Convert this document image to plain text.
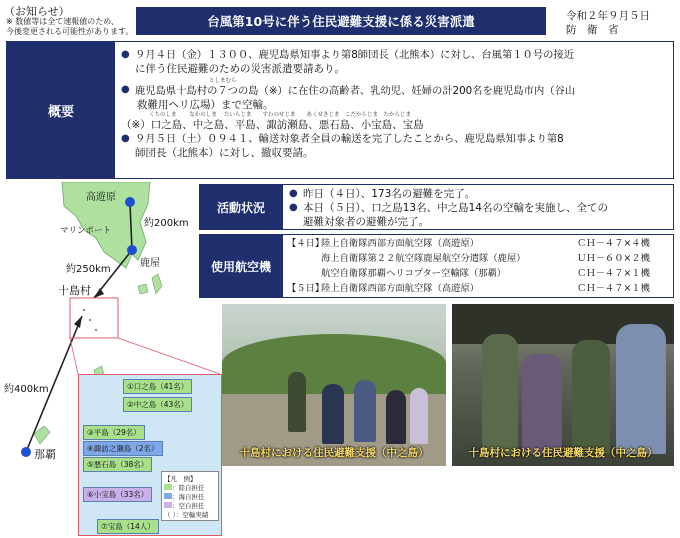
（お知らせ）
※ 数値等は全て速報値のため、
今後変更される可能性があります。
台風第10号に伴う住民避難支援に係る災害派遣	令和２年９月５日
防　衛　省
概要
● ９月４日（金）１３００、鹿児島県知事より第8師団長（北熊本）に対し、台風第１０号の接近
に伴う住民避難のための災害派遣要請あり。
●
としまむら
鹿児島県十島村の７つの島（※）に在住の高齢者、乳幼児、妊婦の計200名を鹿児島市内（谷山
救難用ヘリ広場）まで空輸。
くちのしま　　 なかのしま　 たいらじま　　すわのせじま　　あくせきじま　こだからじま　たからじま
（※）口之島、中之島、平島、諏訪瀬島、悪石島、小宝島、宝島
● ９月５日（土）０９４１、輸送対象者全員の輸送を完了したことから、鹿児島県知事より第8
師団長（北熊本）に対し、撤収要請。
高遊原
約200km
マリンポート
鹿屋
約250km
十島村
約400km
那覇
①口之島（41名）
②中之島（43名）
③平島（29名）
④諏訪之瀬島（2名）
⑤悪石島（38名）
⑥小宝島（33名）
⑦宝島（14人）
【凡　例】
：陸自担任
：海自担任
：空自担任
（ ）：空輸実績
活動状況
● 昨日（４日）、173名の避難を完了。
● 本日（５日）、口之島13名、中之島14名の空輸を実施し、全ての
避難対象者の避難が完了。
使用航空機
【４日】
陸上自衛隊西部方面航空隊（高遊原）	ＣＨ－４７×４機
海上自衛隊第２２航空隊鹿屋航空分遣隊（鹿屋）	ＵＨ－６０×２機
航空自衛隊那覇ヘリコプター空輸隊（那覇）	ＣＨ－４７×１機
【５日】
陸上自衛隊西部方面航空隊（高遊原）	ＣＨ－４７×１機
十島村における住民避難支援（中之島）	十島村における住民避難支援（中之島）
